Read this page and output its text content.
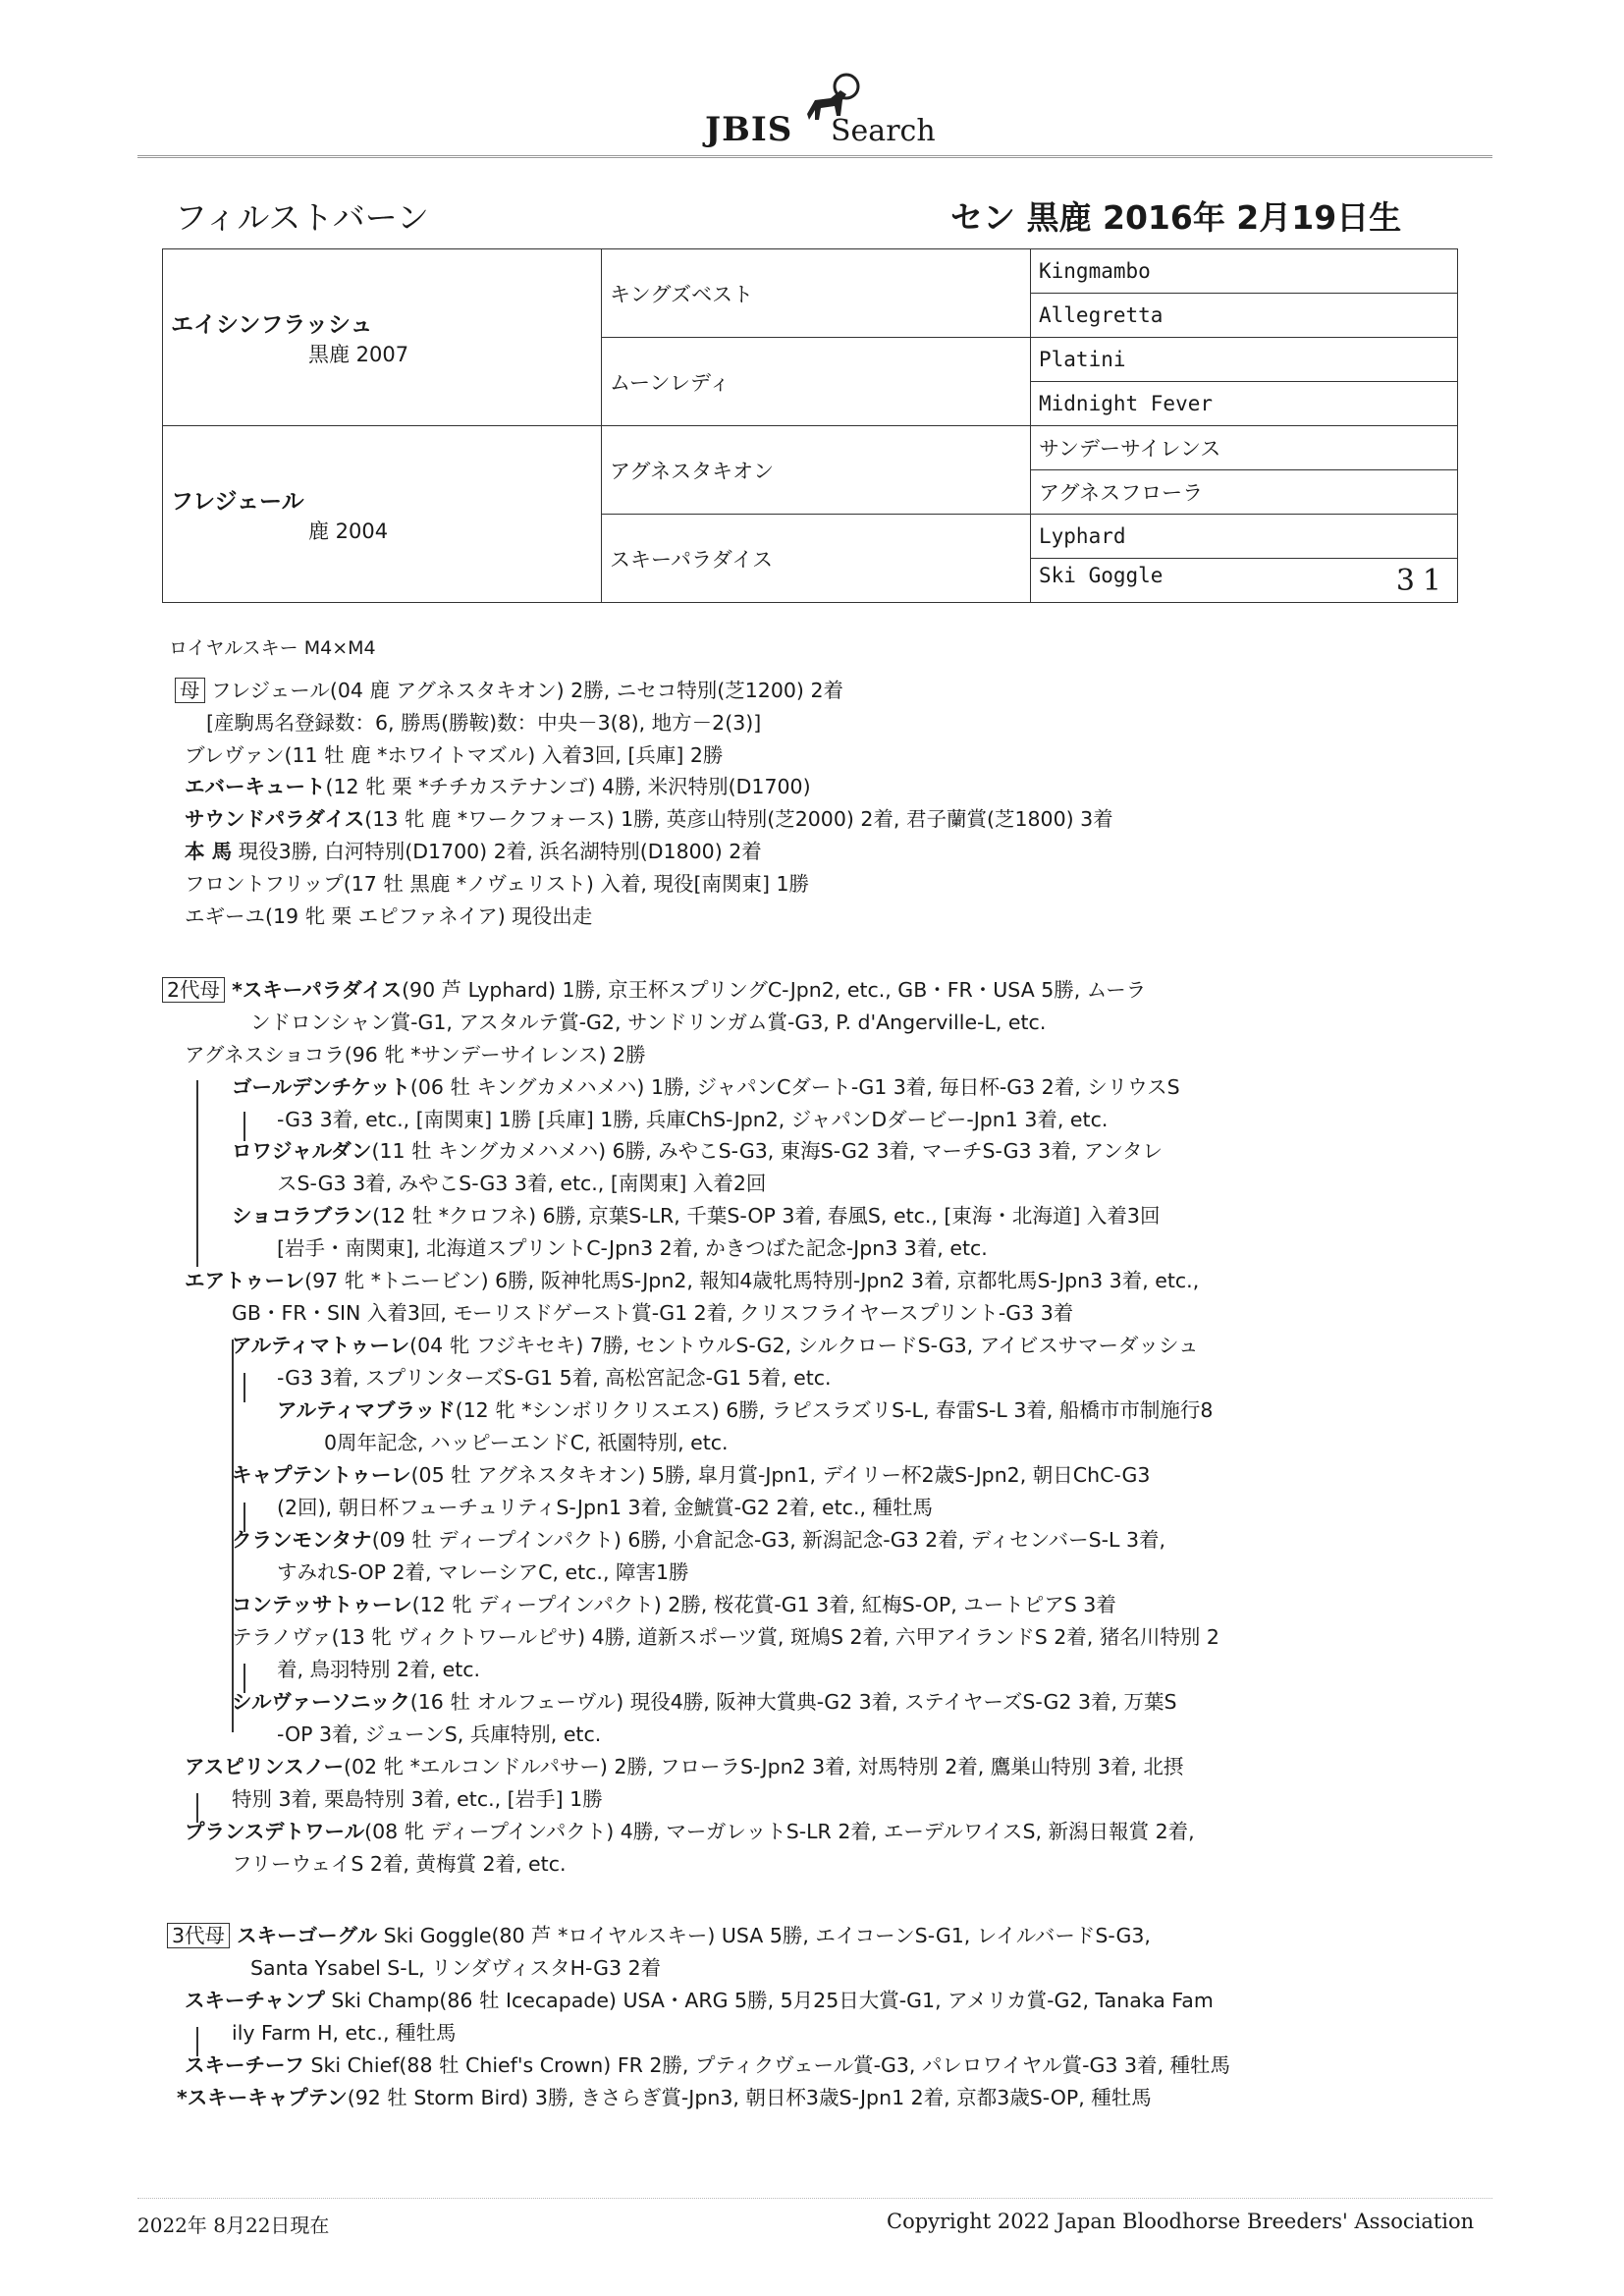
JBIS Search
フィルストバーン	セン 黒鹿 2016年 2月19日生
エイシンフラッシュ
黒鹿 2007	キングズベスト	Kingmambo
		Allegretta
	ムーンレディ	Platini
		Midnight Fever

フレジェール
鹿 2004	アグネスタキオン	サンデーサイレンス
		アグネスフローラ
	スキーパラダイス	Lyphard
		Ski Goggle 31
ロイヤルスキー M4×M4
母 フレジェール(04 鹿 アグネスタキオン) 2勝, ニセコ特別(芝1200) 2着
[産駒馬名登録数：6, 勝馬(勝鞍)数：中央－3(8), 地方－2(3)]
ブレヴァン(11 牡 鹿 *ホワイトマズル) 入着3回, [兵庫] 2勝
エバーキュート(12 牝 栗 *チチカステナンゴ) 4勝, 米沢特別(D1700)
サウンドパラダイス(13 牝 鹿 *ワークフォース) 1勝, 英彦山特別(芝2000) 2着, 君子蘭賞(芝1800) 3着
本 馬 現役3勝, 白河特別(D1700) 2着, 浜名湖特別(D1800) 2着
フロントフリップ(17 牡 黒鹿 *ノヴェリスト) 入着, 現役[南関東] 1勝
エギーユ(19 牝 栗 エピファネイア) 現役出走
2代母 *スキーパラダイス(90 芦 Lyphard) 1勝, 京王杯スプリングC-Jpn2, etc., GB・FR・USA 5勝, ムーラ
ンドロンシャン賞-G1, アスタルテ賞-G2, サンドリンガム賞-G3, P. d'Angerville-L, etc.
アグネスショコラ(96 牝 *サンデーサイレンス) 2勝
ゴールデンチケット(06 牡 キングカメハメハ) 1勝, ジャパンCダート-G1 3着, 毎日杯-G3 2着, シリウスS
-G3 3着, etc., [南関東] 1勝 [兵庫] 1勝, 兵庫ChS-Jpn2, ジャパンDダービー-Jpn1 3着, etc.
ロワジャルダン(11 牡 キングカメハメハ) 6勝, みやこS-G3, 東海S-G2 3着, マーチS-G3 3着, アンタレ
スS-G3 3着, みやこS-G3 3着, etc., [南関東] 入着2回
ショコラブラン(12 牡 *クロフネ) 6勝, 京葉S-LR, 千葉S-OP 3着, 春風S, etc., [東海・北海道] 入着3回
[岩手・南関東], 北海道スプリントC-Jpn3 2着, かきつばた記念-Jpn3 3着, etc.
エアトゥーレ(97 牝 *トニービン) 6勝, 阪神牝馬S-Jpn2, 報知4歳牝馬特別-Jpn2 3着, 京都牝馬S-Jpn3 3着, etc.,
GB・FR・SIN 入着3回, モーリスドゲースト賞-G1 2着, クリスフライヤースプリント-G3 3着
アルティマトゥーレ(04 牝 フジキセキ) 7勝, セントウルS-G2, シルクロードS-G3, アイビスサマーダッシュ
-G3 3着, スプリンターズS-G1 5着, 高松宮記念-G1 5着, etc.
アルティマブラッド(12 牝 *シンボリクリスエス) 6勝, ラピスラズリS-L, 春雷S-L 3着, 船橋市市制施行8
0周年記念, ハッピーエンドC, 祇園特別, etc.
キャプテントゥーレ(05 牡 アグネスタキオン) 5勝, 皐月賞-Jpn1, デイリー杯2歳S-Jpn2, 朝日ChC-G3
(2回), 朝日杯フューチュリティS-Jpn1 3着, 金鯱賞-G2 2着, etc., 種牡馬
クランモンタナ(09 牡 ディープインパクト) 6勝, 小倉記念-G3, 新潟記念-G3 2着, ディセンバーS-L 3着,
すみれS-OP 2着, マレーシアC, etc., 障害1勝
コンテッサトゥーレ(12 牝 ディープインパクト) 2勝, 桜花賞-G1 3着, 紅梅S-OP, ユートピアS 3着
テラノヴァ(13 牝 ヴィクトワールピサ) 4勝, 道新スポーツ賞, 斑鳩S 2着, 六甲アイランドS 2着, 猪名川特別 2
着, 鳥羽特別 2着, etc.
シルヴァーソニック(16 牡 オルフェーヴル) 現役4勝, 阪神大賞典-G2 3着, ステイヤーズS-G2 3着, 万葉S
-OP 3着, ジューンS, 兵庫特別, etc.
アスピリンスノー(02 牝 *エルコンドルパサー) 2勝, フローラS-Jpn2 3着, 対馬特別 2着, 鷹巣山特別 3着, 北摂
特別 3着, 栗島特別 3着, etc., [岩手] 1勝
プランスデトワール(08 牝 ディープインパクト) 4勝, マーガレットS-LR 2着, エーデルワイスS, 新潟日報賞 2着,
フリーウェイS 2着, 黄梅賞 2着, etc.
3代母 スキーゴーグル Ski Goggle(80 芦 *ロイヤルスキー) USA 5勝, エイコーンS-G1, レイルバードS-G3,
Santa Ysabel S-L, リンダヴィスタH-G3 2着
スキーチャンプ Ski Champ(86 牡 Icecapade) USA・ARG 5勝, 5月25日大賞-G1, アメリカ賞-G2, Tanaka Fam
ily Farm H, etc., 種牡馬
スキーチーフ Ski Chief(88 牡 Chief's Crown) FR 2勝, プティクヴェール賞-G3, パレロワイヤル賞-G3 3着, 種牡馬
*スキーキャプテン(92 牡 Storm Bird) 3勝, きさらぎ賞-Jpn3, 朝日杯3歳S-Jpn1 2着, 京都3歳S-OP, 種牡馬
2022年 8月22日現在	Copyright 2022 Japan Bloodhorse Breeders' Association
